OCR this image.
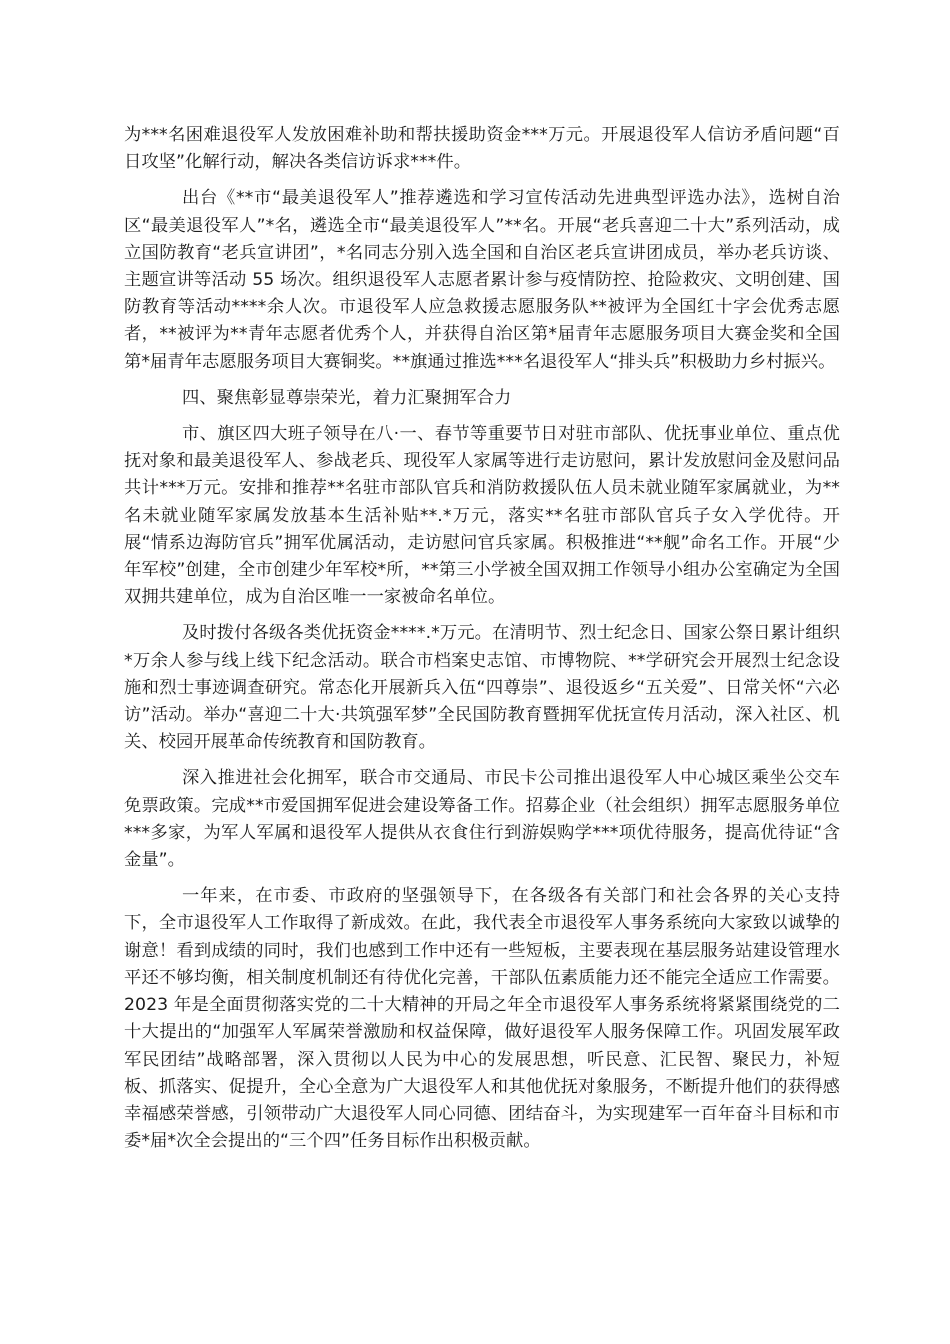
为***名困难退役军人发放困难补助和帮扶援助资金***万元。开展退役军人信访矛盾问题“百日攻坚”化解行动，解决各类信访诉求***件。

出台《**市“最美退役军人”推荐遴选和学习宣传活动先进典型评选办法》，选树自治区“最美退役军人”*名，遴选全市“最美退役军人”**名。开展“老兵喜迎二十大”系列活动，成立国防教育“老兵宣讲团”，*名同志分别入选全国和自治区老兵宣讲团成员，举办老兵访谈、主题宣讲等活动 55 场次。组织退役军人志愿者累计参与疫情防控、抢险救灾、文明创建、国防教育等活动****余人次。市退役军人应急救援志愿服务队**被评为全国红十字会优秀志愿者，**被评为**青年志愿者优秀个人，并获得自治区第*届青年志愿服务项目大赛金奖和全国第*届青年志愿服务项目大赛铜奖。**旗通过推选***名退役军人“排头兵”积极助力乡村振兴。

四、聚焦彰显尊崇荣光，着力汇聚拥军合力

市、旗区四大班子领导在八·一、春节等重要节日对驻市部队、优抚事业单位、重点优抚对象和最美退役军人、参战老兵、现役军人家属等进行走访慰问，累计发放慰问金及慰问品共计***万元。安排和推荐**名驻市部队官兵和消防救援队伍人员未就业随军家属就业，为**名未就业随军家属发放基本生活补贴**.*万元，落实**名驻市部队官兵子女入学优待。开展“情系边海防官兵”拥军优属活动，走访慰问官兵家属。积极推进“**舰”命名工作。开展“少年军校”创建，全市创建少年军校*所，**第三小学被全国双拥工作领导小组办公室确定为全国双拥共建单位，成为自治区唯一一家被命名单位。

及时拨付各级各类优抚资金****.*万元。在清明节、烈士纪念日、国家公祭日累计组织*万余人参与线上线下纪念活动。联合市档案史志馆、市博物院、**学研究会开展烈士纪念设施和烈士事迹调查研究。常态化开展新兵入伍“四尊崇”、退役返乡“五关爱”、日常关怀“六必访”活动。举办“喜迎二十大·共筑强军梦”全民国防教育暨拥军优抚宣传月活动，深入社区、机关、校园开展革命传统教育和国防教育。

深入推进社会化拥军，联合市交通局、市民卡公司推出退役军人中心城区乘坐公交车免票政策。完成**市爱国拥军促进会建设筹备工作。招募企业（社会组织）拥军志愿服务单位***多家，为军人军属和退役军人提供从衣食住行到游娱购学***项优待服务，提高优待证“含金量”。

一年来，在市委、市政府的坚强领导下，在各级各有关部门和社会各界的关心支持下，全市退役军人工作取得了新成效。在此，我代表全市退役军人事务系统向大家致以诚挚的谢意！看到成绩的同时，我们也感到工作中还有一些短板，主要表现在基层服务站建设管理水平还不够均衡，相关制度机制还有待优化完善，干部队伍素质能力还不能完全适应工作需要。2023 年是全面贯彻落实党的二十大精神的开局之年全市退役军人事务系统将紧紧围绕党的二十大提出的“加强军人军属荣誉激励和权益保障，做好退役军人服务保障工作。巩固发展军政军民团结”战略部署，深入贯彻以人民为中心的发展思想，听民意、汇民智、聚民力，补短板、抓落实、促提升，全心全意为广大退役军人和其他优抚对象服务，不断提升他们的获得感幸福感荣誉感，引领带动广大退役军人同心同德、团结奋斗，为实现建军一百年奋斗目标和市委*届*次全会提出的“三个四”任务目标作出积极贡献。
